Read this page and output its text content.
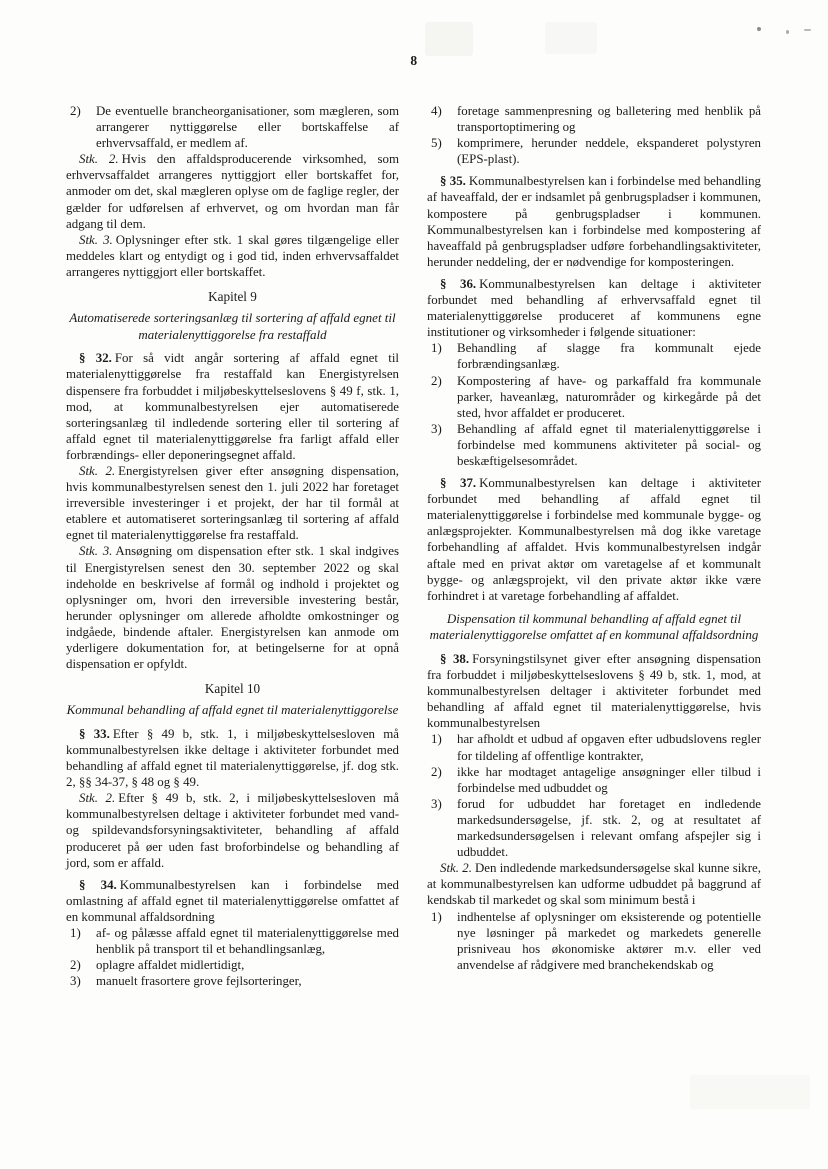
8
2) De eventuelle brancheorganisationer, som mægleren, som arrangerer nyttiggørelse eller bortskaffelse af erhvervsaffald, er medlem af.

Stk. 2. Hvis den affaldsproducerende virksomhed, som erhvervsaffaldet arrangeres nyttiggjort eller bortskaffet for, anmoder om det, skal mægleren oplyse om de faglige regler, der gælder for udførelsen af erhvervet, og om hvordan man får adgang til dem.

Stk. 3. Oplysninger efter stk. 1 skal gøres tilgængelige eller meddeles klart og entydigt og i god tid, inden erhvervsaffaldet arrangeres nyttiggjort eller bortskaffet.

Kapitel 9
Automatiserede sorteringsanlæg til sortering af affald egnet til materialenyttiggorelse fra restaffald

§ 32. For så vidt angår sortering af affald egnet til materialenyttiggørelse fra restaffald kan Energistyrelsen dispensere fra forbuddet i miljøbeskyttelseslovens § 49 f, stk. 1, mod, at kommunalbestyrelsen ejer automatiserede sorteringsanlæg til indledende sortering eller til sortering af affald egnet til materialenyttiggørelse fra farligt affald eller forbrændings- eller deponeringsegnet affald.

Stk. 2. Energistyrelsen giver efter ansøgning dispensation, hvis kommunalbestyrelsen senest den 1. juli 2022 har foretaget irreversible investeringer i et projekt, der har til formål at etablere et automatiseret sorteringsanlæg til sortering af affald egnet til materialenyttiggørelse fra restaffald.

Stk. 3. Ansøgning om dispensation efter stk. 1 skal indgives til Energistyrelsen senest den 30. september 2022 og skal indeholde en beskrivelse af formål og indhold i projektet og oplysninger om, hvori den irreversible investering består, herunder oplysninger om allerede afholdte omkostninger og indgåede, bindende aftaler. Energistyrelsen kan anmode om yderligere dokumentation for, at betingelserne for at opnå dispensation er opfyldt.

Kapitel 10
Kommunal behandling af affald egnet til materialenyttiggorelse

§ 33. Efter § 49 b, stk. 1, i miljøbeskyttelsesloven må kommunalbestyrelsen ikke deltage i aktiviteter forbundet med behandling af affald egnet til materialenyttiggørelse, jf. dog stk. 2, §§ 34-37, § 48 og § 49.

Stk. 2. Efter § 49 b, stk. 2, i miljøbeskyttelsesloven må kommunalbestyrelsen deltage i aktiviteter forbundet med vand- og spildevandsforsyningsaktiviteter, behandling af affald produceret på øer uden fast broforbindelse og behandling af jord, som er affald.

§ 34. Kommunalbestyrelsen kan i forbindelse med omlastning af affald egnet til materialenyttiggørelse omfattet af en kommunal affaldsordning

1) af- og pålæsse affald egnet til materialenyttiggørelse med henblik på transport til et behandlingsanlæg,
2) oplagre affaldet midlertidigt,
3) manuelt frasortere grove fejlsorteringer,
4) foretage sammenpresning og balletering med henblik på transportoptimering og
5) komprimere, herunder neddele, ekspanderet polystyren (EPS-plast).

§ 35. Kommunalbestyrelsen kan i forbindelse med behandling af haveaffald, der er indsamlet på genbrugspladser i kommunen, kompostere på genbrugspladser i kommunen. Kommunalbestyrelsen kan i forbindelse med kompostering af haveaffald på genbrugspladser udføre forbehandlingsaktiviteter, herunder neddeling, der er nødvendige for komposteringen.

§ 36. Kommunalbestyrelsen kan deltage i aktiviteter forbundet med behandling af erhvervsaffald egnet til materialenyttiggørelse produceret af kommunens egne institutioner og virksomheder i følgende situationer:

1) Behandling af slagge fra kommunalt ejede forbrændingsanlæg.
2) Kompostering af have- og parkaffald fra kommunale parker, haveanlæg, naturområder og kirkegårde på det sted, hvor affaldet er produceret.
3) Behandling af affald egnet til materialenyttiggørelse i forbindelse med kommunens aktiviteter på social- og beskæftigelsesområdet.

§ 37. Kommunalbestyrelsen kan deltage i aktiviteter forbundet med behandling af affald egnet til materialenyttiggørelse i forbindelse med kommunale bygge- og anlægsprojekter. Kommunalbestyrelsen må dog ikke varetage forbehandling af affaldet. Hvis kommunalbestyrelsen indgår aftale med en privat aktør om varetagelse af et kommunalt bygge- og anlægsprojekt, vil den private aktør ikke være forhindret i at varetage forbehandling af affaldet.

Dispensation til kommunal behandling af affald egnet til materialenyttiggorelse omfattet af en kommunal affaldsordning

§ 38. Forsyningstilsynet giver efter ansøgning dispensation fra forbuddet i miljøbeskyttelseslovens § 49 b, stk. 1, mod, at kommunalbestyrelsen deltager i aktiviteter forbundet med behandling af affald egnet til materialenyttiggørelse, hvis kommunalbestyrelsen

1) har afholdt et udbud af opgaven efter udbudslovens regler for tildeling af offentlige kontrakter,
2) ikke har modtaget antagelige ansøgninger eller tilbud i forbindelse med udbuddet og
3) forud for udbuddet har foretaget en indledende markedsundersøgelse, jf. stk. 2, og at resultatet af markedsundersøgelsen i relevant omfang afspejler sig i udbuddet.

Stk. 2. Den indledende markedsundersøgelse skal kunne sikre, at kommunalbestyrelsen kan udforme udbuddet på baggrund af kendskab til markedet og skal som minimum bestå i

1) indhentelse af oplysninger om eksisterende og potentielle nye løsninger på markedet og markedets generelle prisniveau hos økonomiske aktører m.v. eller ved anvendelse af rådgivere med branchekendskab og
